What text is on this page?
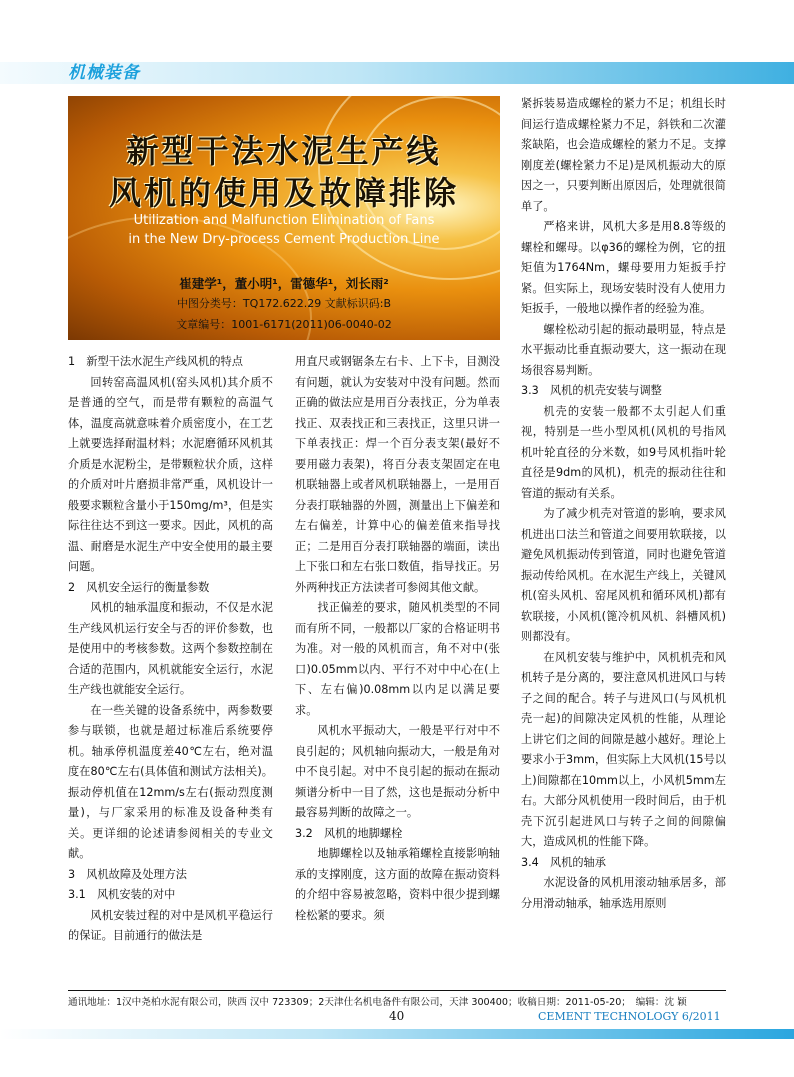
机械装备
新型干法水泥生产线
风机的使用及故障排除
Utilization and Malfunction Elimination of Fans
in the New Dry-process Cement Production Line
崔建学¹，董小明¹，雷德华¹，刘长雨²
中图分类号：TQ172.622.29 文献标识码:B
文章编号：1001-6171(2011)06-0040-02

1　新型干法水泥生产线风机的特点

回转窑高温风机(窑头风机)其介质不是普通的空气，而是带有颗粒的高温气体，温度高就意味着介质密度小，在工艺上就要选择耐温材料；水泥磨循环风机其介质是水泥粉尘，是带颗粒状介质，这样的介质对叶片磨损非常严重，风机设计一般要求颗粒含量小于150mg/m³，但是实际往往达不到这一要求。因此，风机的高温、耐磨是水泥生产中安全使用的最主要问题。

2　风机安全运行的衡量参数

风机的轴承温度和振动，不仅是水泥生产线风机运行安全与否的评价参数，也是使用中的考核参数。这两个参数控制在合适的范围内，风机就能安全运行，水泥生产线也就能安全运行。

在一些关键的设备系统中，两参数要参与联锁，也就是超过标准后系统要停机。轴承停机温度差40℃左右，绝对温度在80℃左右(具体值和测试方法相关)。振动停机值在12mm/s左右(振动烈度测量)，与厂家采用的标准及设备种类有关。更详细的论述请参阅相关的专业文献。

3　风机故障及处理方法

3.1　风机安装的对中

风机安装过程的对中是风机平稳运行的保证。目前通行的做法是

用直尺或钢锯条左右卡、上下卡，目测没有问题，就认为安装对中没有问题。然而正确的做法应是用百分表找正，分为单表找正、双表找正和三表找正，这里只讲一下单表找正：焊一个百分表支架(最好不要用磁力表架)，将百分表支架固定在电机联轴器上或者风机联轴器上，一是用百分表打联轴器的外圆，测量出上下偏差和左右偏差，计算中心的偏差值来指导找正；二是用百分表打联轴器的端面，读出上下张口和左右张口数值，指导找正。另外两种找正方法读者可参阅其他文献。

找正偏差的要求，随风机类型的不同而有所不同，一般都以厂家的合格证明书为准。对一般的风机而言，角不对中(张口)0.05mm以内、平行不对中中心在(上下、左右偏)0.08mm以内足以满足要求。

风机水平振动大，一般是平行对中不良引起的；风机轴向振动大，一般是角对中不良引起。对中不良引起的振动在振动频谱分析中一目了然，这也是振动分析中最容易判断的故障之一。

3.2　风机的地脚螺栓

地脚螺栓以及轴承箱螺栓直接影响轴承的支撑刚度，这方面的故障在振动资料的介绍中容易被忽略，资料中很少提到螺栓松紧的要求。须

紧拆装易造成螺栓的紧力不足；机组长时间运行造成螺栓紧力不足，斜铁和二次灌浆缺陷，也会造成螺栓的紧力不足。支撑刚度差(螺栓紧力不足)是风机振动大的原因之一，只要判断出原因后，处理就很简单了。

严格来讲，风机大多是用8.8等级的螺栓和螺母。以φ36的螺栓为例，它的扭矩值为1764Nm，螺母要用力矩扳手拧紧。但实际上，现场安装时没有人使用力矩扳手，一般地以操作者的经验为准。

螺栓松动引起的振动最明显，特点是水平振动比垂直振动要大，这一振动在现场很容易判断。

3.3　风机的机壳安装与调整

机壳的安装一般都不太引起人们重视，特别是一些小型风机(风机的号指风机叶轮直径的分米数，如9号风机指叶轮直径是9dm的风机)，机壳的振动往往和管道的振动有关系。

为了减少机壳对管道的影响，要求风机进出口法兰和管道之间要用软联接，以避免风机振动传到管道，同时也避免管道振动传给风机。在水泥生产线上，关键风机(窑头风机、窑尾风机和循环风机)都有软联接，小风机(篦冷机风机、斜槽风机)则都没有。

在风机安装与维护中，风机机壳和风机转子是分离的，要注意风机进风口与转子之间的配合。转子与进风口(与风机机壳一起)的间隙决定风机的性能，从理论上讲它们之间的间隙是越小越好。理论上要求小于3mm，但实际上大风机(15号以上)间隙都在10mm以上，小风机5mm左右。大部分风机使用一段时间后，由于机壳下沉引起进风口与转子之间的间隙偏大，造成风机的性能下降。

3.4　风机的轴承

水泥设备的风机用滚动轴承居多，部分用滑动轴承，轴承选用原则

通讯地址：1汉中尧柏水泥有限公司，陕西 汉中 723309；2天津仕名机电备件有限公司，天津 300400；收稿日期：2011-05-20；　编辑：沈 颖
40	CEMENT TECHNOLOGY 6/2011
